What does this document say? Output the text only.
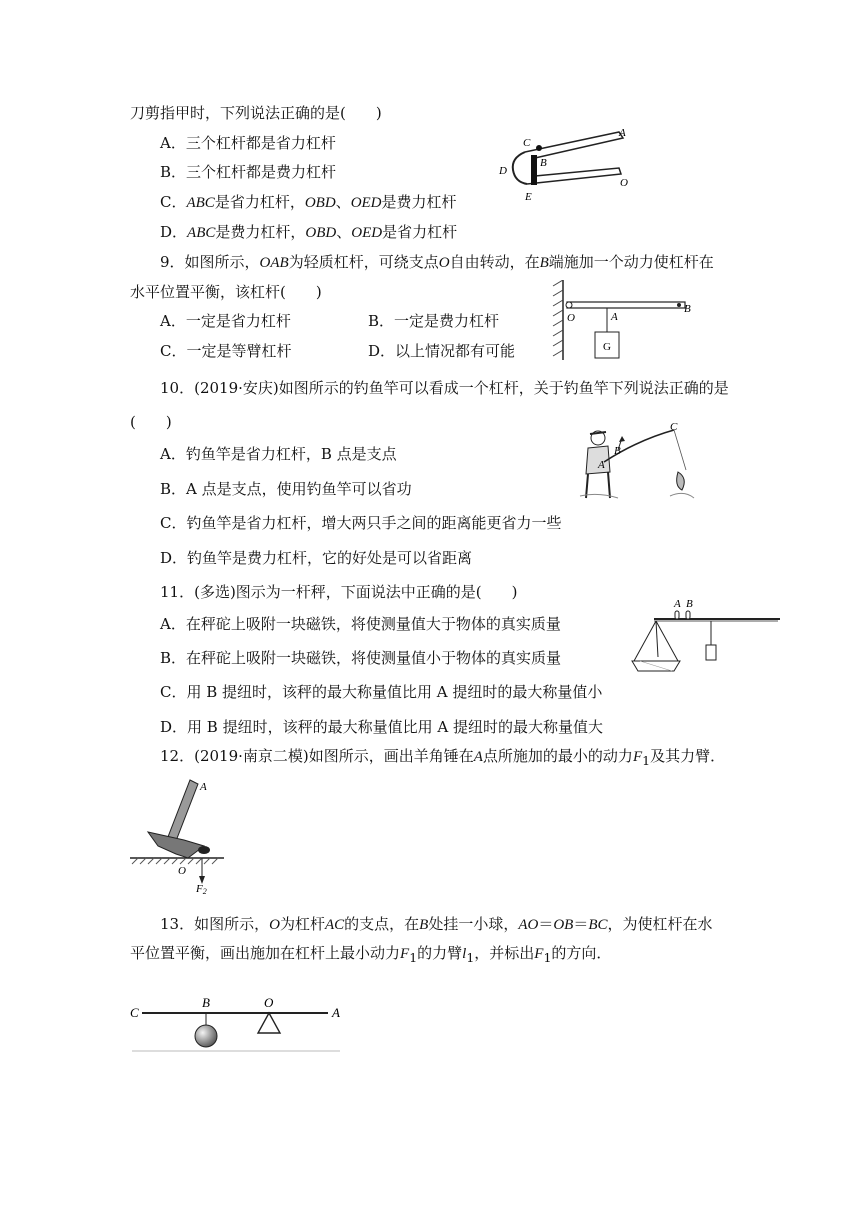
刀剪指甲时，下列说法正确的是(　　)
A．三个杠杆都是省力杠杆
B．三个杠杆都是费力杠杆
C．ABC是省力杠杆，OBD、OED是费力杠杆
D．ABC是费力杠杆，OBD、OED是省力杠杆
C
B
D
E
A
O
9．如图所示，OAB为轻质杠杆，可绕支点O自由转动，在B端施加一个动力使杠杆在
水平位置平衡，该杠杆(　　)
A．一定是省力杠杆	B．一定是费力杠杆
C．一定是等臂杠杆	D．以上情况都有可能
O	A
B
G
10．(2019·安庆)如图所示的钓鱼竿可以看成一个杠杆，关于钓鱼竿下列说法正确的是
(　　)
A．钓鱼竿是省力杠杆，B 点是支点
B．A 点是支点，使用钓鱼竿可以省功
C．钓鱼竿是省力杠杆，增大两只手之间的距离能更省力一些
D．钓鱼竿是费力杠杆，它的好处是可以省距离
A
B
C
11．(多选)图示为一杆秤，下面说法中正确的是(　　)
A．在秤砣上吸附一块磁铁，将使测量值大于物体的真实质量
B．在秤砣上吸附一块磁铁，将使测量值小于物体的真实质量
C．用 B 提纽时，该秤的最大称量值比用 A 提纽时的最大称量值小
D．用 B 提纽时，该秤的最大称量值比用 A 提纽时的最大称量值大
A B
12．(2019·南京二模)如图所示，画出羊角锤在A点所施加的最小的动力$F_1$及其力臂．
A
O
F2
13．如图所示，O为杠杆AC的支点，在B处挂一小球，AO＝OB＝BC，为使杠杆在水
平位置平衡，画出施加在杠杆上最小动力$F_1$的力臂$l_1$，并标出$F_1$的方向．
C
B	O
A
